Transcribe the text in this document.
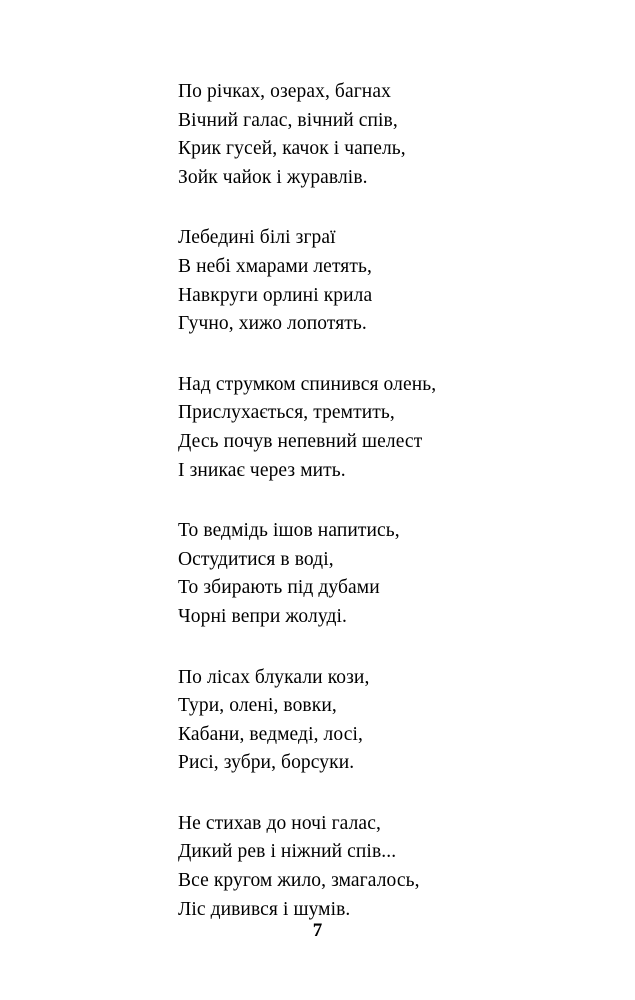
По річках, озерах, багнах
Вічний галас, вічний спів,
Крик гусей, качок і чапель,
Зойк чайок і журавлів.
Лебедині білі зграї
В небі хмарами летять,
Навкруги орлині крила
Гучно, хижо лопотять.
Над струмком спинився олень,
Прислухається, тремтить,
Десь почув непевний шелест
І зникає через мить.
То ведмідь ішов напитись,
Остудитися в воді,
То збирають під дубами
Чорні вепри жолуді.
По лісах блукали кози,
Тури, олені, вовки,
Кабани, ведмеді, лосі,
Рисі, зубри, борсуки.
Не стихав до ночі галас,
Дикий рев і ніжний спів...
Все кругом жило, змагалось,
Ліс дивився і шумів.
7
